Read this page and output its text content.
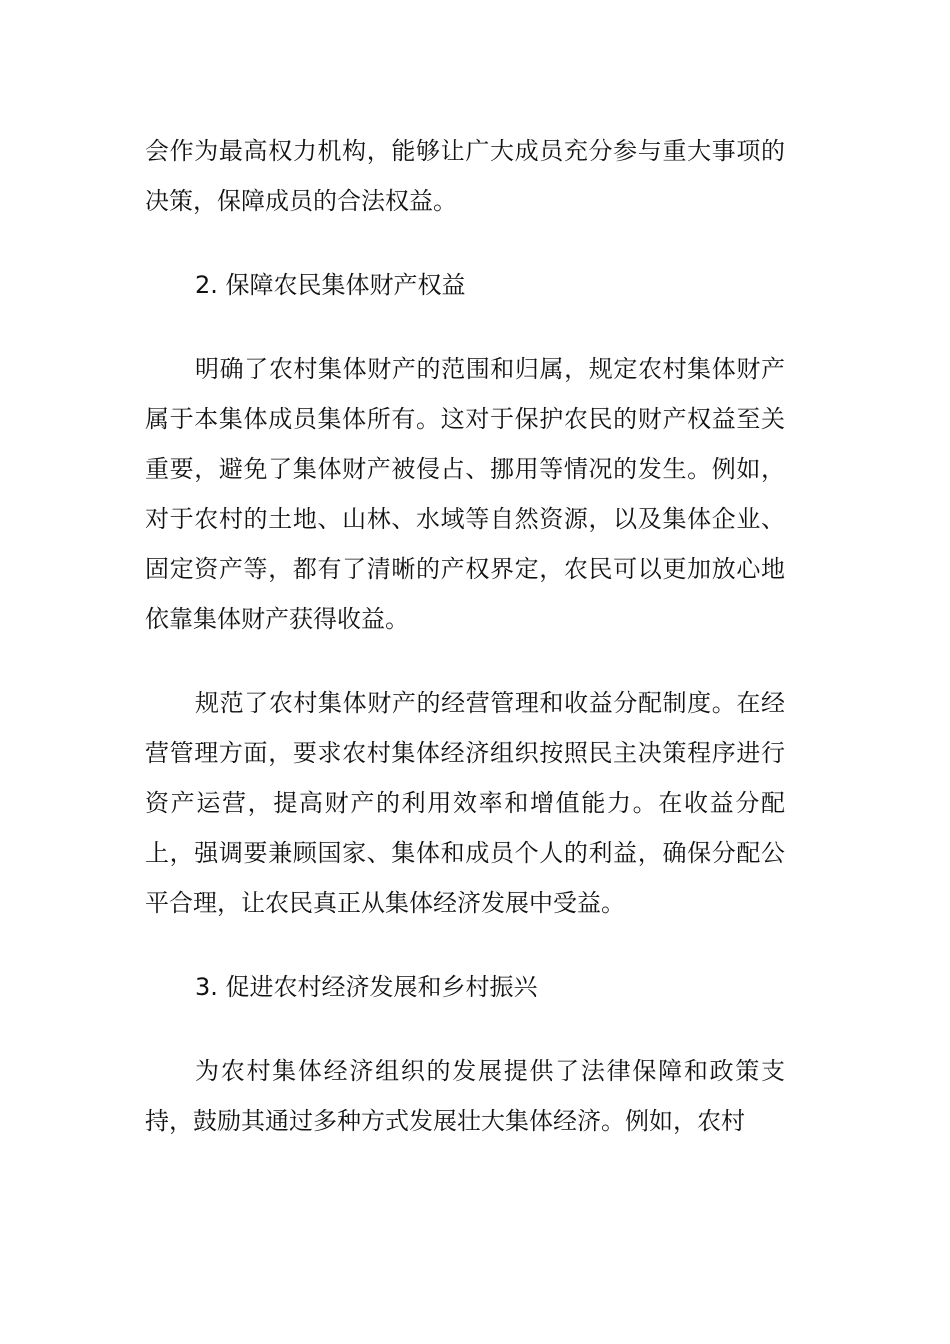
会作为最高权力机构，能够让广大成员充分参与重大事项的决策，保障成员的合法权益。

2. 保障农民集体财产权益

明确了农村集体财产的范围和归属，规定农村集体财产属于本集体成员集体所有。这对于保护农民的财产权益至关重要，避免了集体财产被侵占、挪用等情况的发生。例如，对于农村的土地、山林、水域等自然资源，以及集体企业、固定资产等，都有了清晰的产权界定，农民可以更加放心地依靠集体财产获得收益。

规范了农村集体财产的经营管理和收益分配制度。在经营管理方面，要求农村集体经济组织按照民主决策程序进行资产运营，提高财产的利用效率和增值能力。在收益分配上，强调要兼顾国家、集体和成员个人的利益，确保分配公平合理，让农民真正从集体经济发展中受益。

3. 促进农村经济发展和乡村振兴

为农村集体经济组织的发展提供了法律保障和政策支持，鼓励其通过多种方式发展壮大集体经济。例如，农村
